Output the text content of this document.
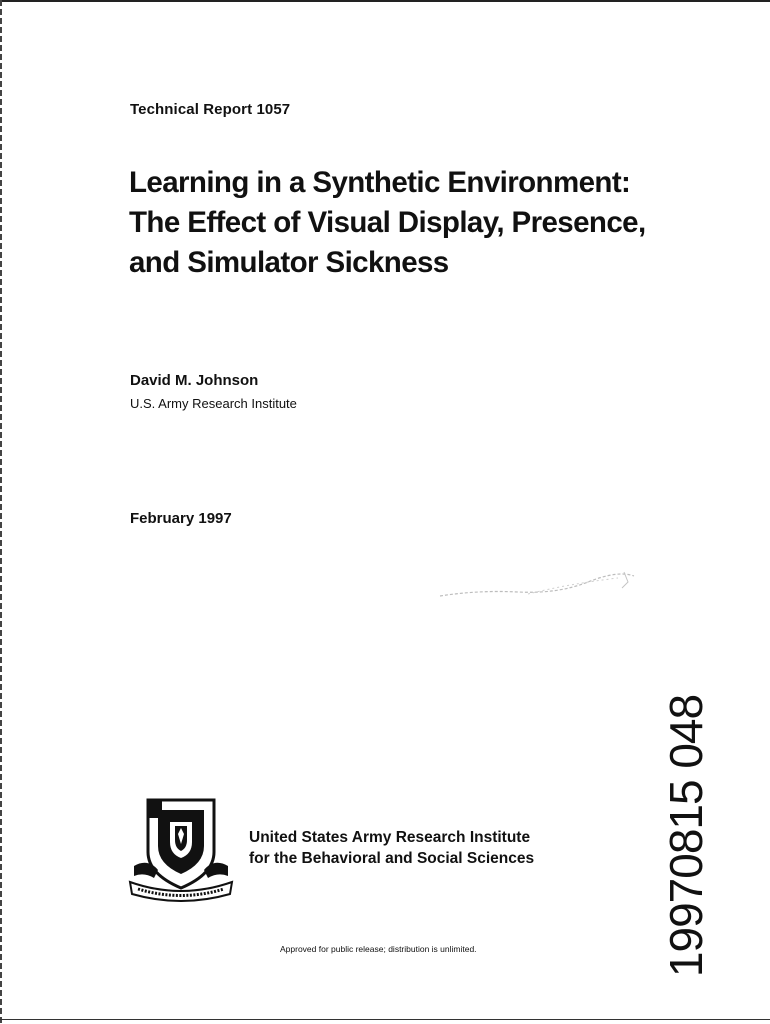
Technical Report 1057
Learning in a Synthetic Environment:
The Effect of Visual Display, Presence,
and Simulator Sickness
David M. Johnson
U.S. Army Research Institute
February 1997
United States Army Research Institute
for the Behavioral and Social Sciences
Approved for public release; distribution is unlimited.	19970815 048
